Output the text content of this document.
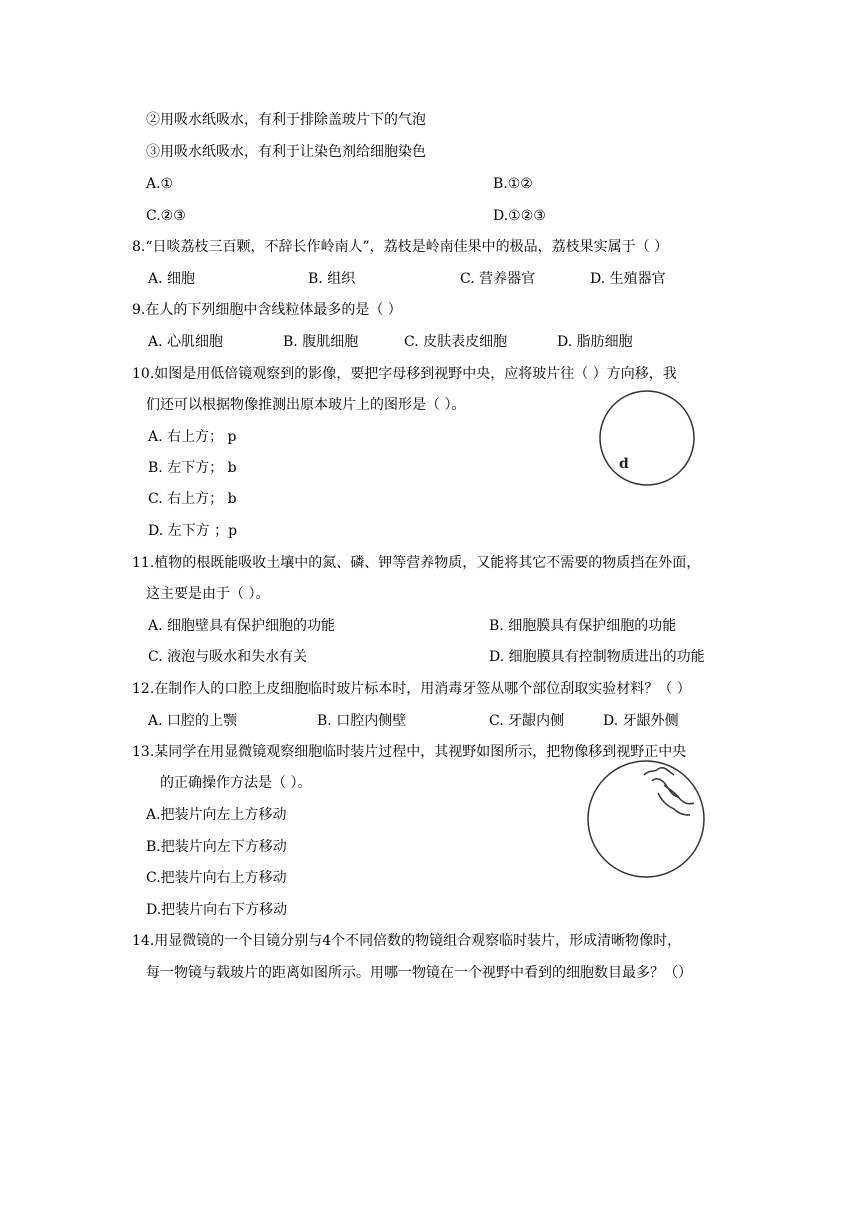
②用吸水纸吸水，有利于排除盖玻片下的气泡
③用吸水纸吸水，有利于让染色剂给细胞染色
A.①	B.①②
C.②③	D.①②③
8.“日啖荔枝三百颗，不辞长作岭南人”，荔枝是岭南佳果中的极品，荔枝果实属于（ ）
A. 细胞	B. 组织	C. 营养器官	D. 生殖器官
9.在人的下列细胞中含线粒体最多的是（ ）
A. 心肌细胞	B. 腹肌细胞	C. 皮肤表皮细胞	D. 脂肪细胞
10.如图是用低倍镜观察到的影像，要把字母移到视野中央，应将玻片往（ ）方向移，我
们还可以根据物像推测出原本玻片上的图形是（ ）。
A. 右上方； p
B. 左下方； b
C. 右上方； b
D. 左下方 ；p
d
11.植物的根既能吸收土壤中的氮、磷、钾等营养物质，又能将其它不需要的物质挡在外面，
这主要是由于（ ）。
A. 细胞壁具有保护细胞的功能	B. 细胞膜具有保护细胞的功能
C. 液泡与吸水和失水有关	D. 细胞膜具有控制物质进出的功能
12.在制作人的口腔上皮细胞临时玻片标本时，用消毒牙签从哪个部位刮取实验材料？（ ）
A. 口腔的上颚	B. 口腔内侧壁	C. 牙龈内侧	D. 牙龈外侧
13.某同学在用显微镜观察细胞临时装片过程中，其视野如图所示，把物像移到视野正中央
的正确操作方法是（ ）。
A.把装片向左上方移动
B.把装片向左下方移动
C.把装片向右上方移动
D.把装片向右下方移动
14.用显微镜的一个目镜分别与4个不同倍数的物镜组合观察临时装片，形成清晰物像时，
每一物镜与载玻片的距离如图所示。用哪一物镜在一个视野中看到的细胞数目最多？（）
